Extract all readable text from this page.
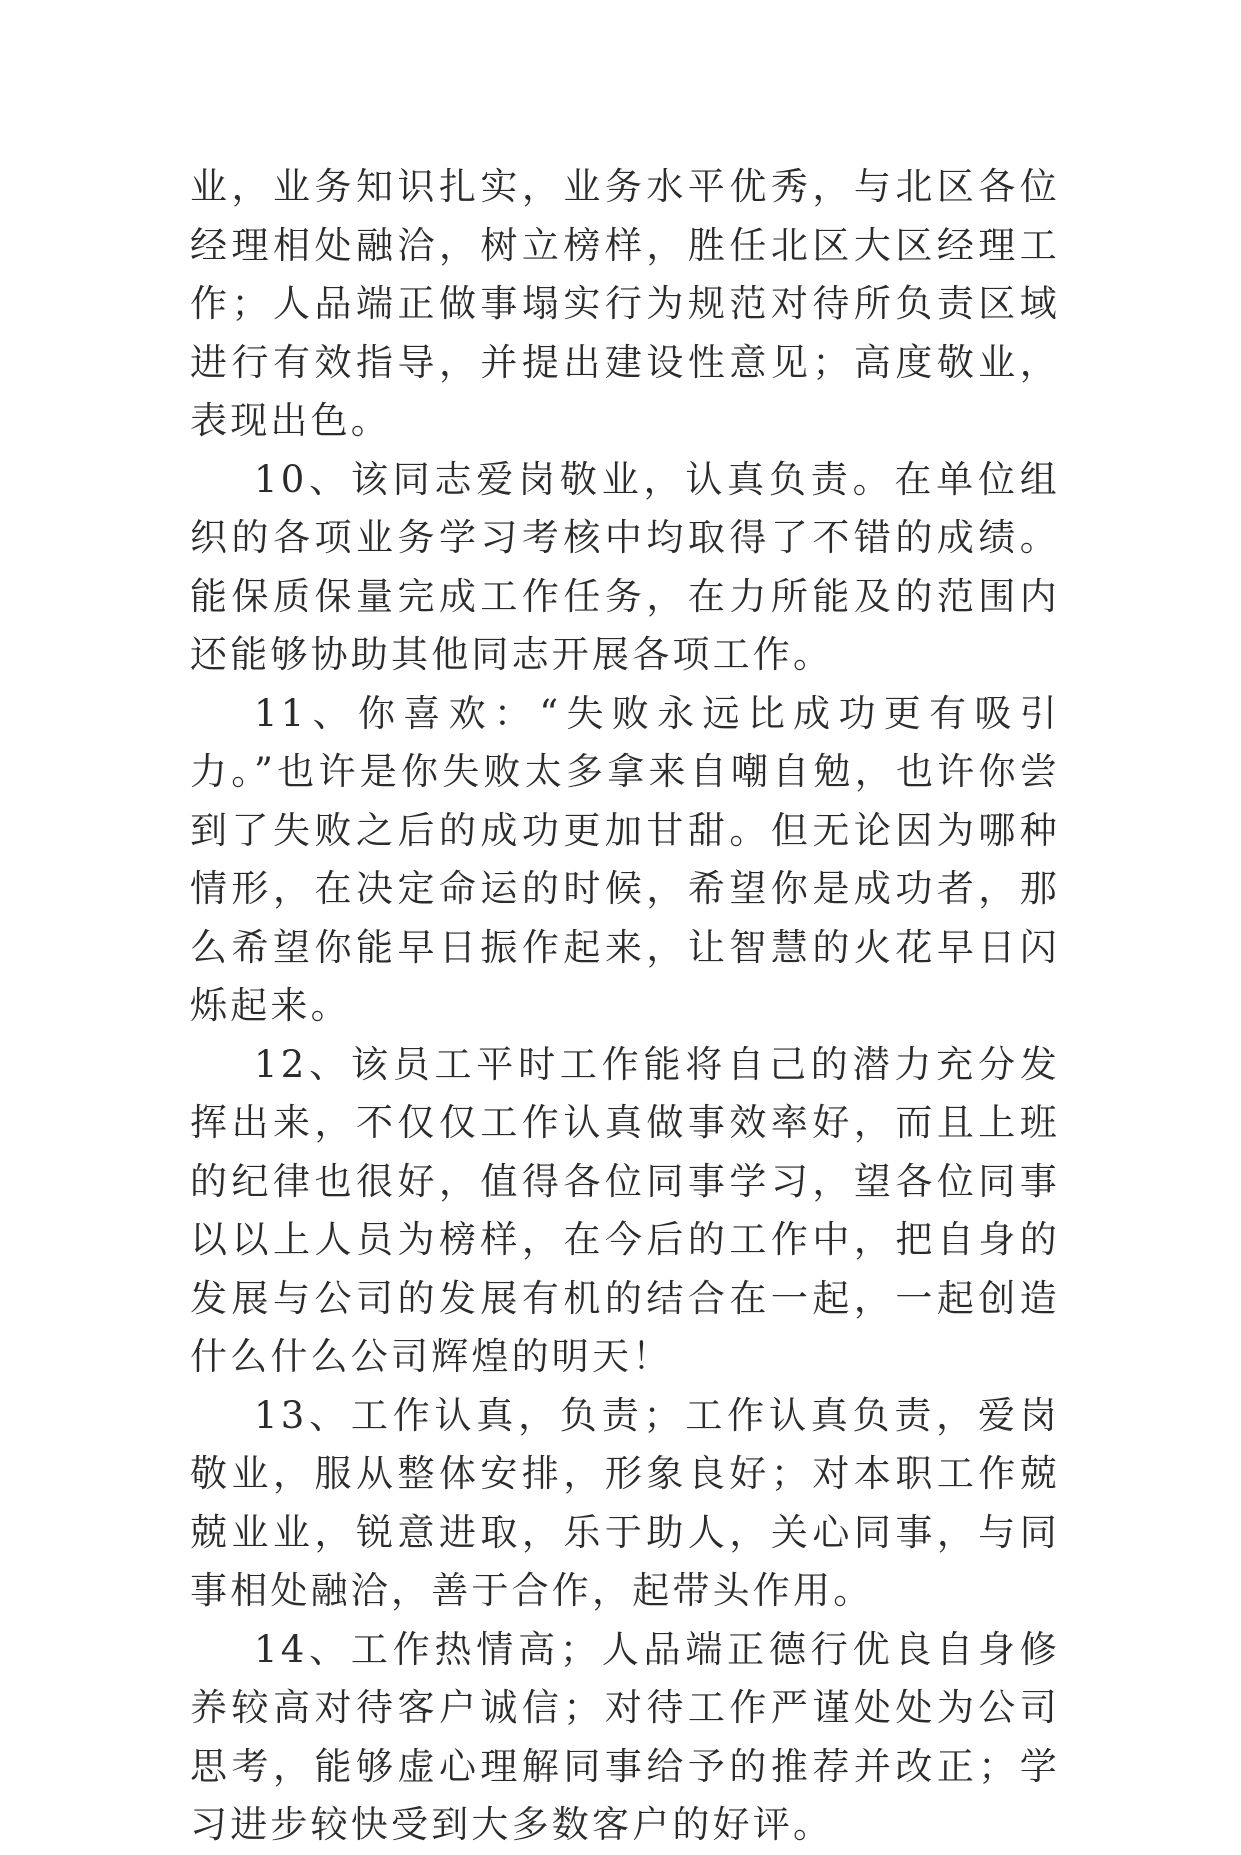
业，业务知识扎实，业务水平优秀，与北区各位经理相处融洽，树立榜样，胜任北区大区经理工作；人品端正做事塌实行为规范对待所负责区域进行有效指导，并提出建设性意见；高度敬业，表现出色。

10、该同志爱岗敬业，认真负责。在单位组织的各项业务学习考核中均取得了不错的成绩。能保质保量完成工作任务，在力所能及的范围内还能够协助其他同志开展各项工作。

11、你喜欢：“失败永远比成功更有吸引力。”也许是你失败太多拿来自嘲自勉，也许你尝到了失败之后的成功更加甘甜。但无论因为哪种情形，在决定命运的时候，希望你是成功者，那么希望你能早日振作起来，让智慧的火花早日闪烁起来。

12、该员工平时工作能将自己的潜力充分发挥出来，不仅仅工作认真做事效率好，而且上班的纪律也很好，值得各位同事学习，望各位同事以以上人员为榜样，在今后的工作中，把自身的发展与公司的发展有机的结合在一起，一起创造什么什么公司辉煌的明天！

13、工作认真，负责；工作认真负责，爱岗敬业，服从整体安排，形象良好；对本职工作兢兢业业，锐意进取，乐于助人，关心同事，与同事相处融洽，善于合作，起带头作用。

14、工作热情高；人品端正德行优良自身修养较高对待客户诚信；对待工作严谨处处为公司思考，能够虚心理解同事给予的推荐并改正；学习进步较快受到大多数客户的好评。
